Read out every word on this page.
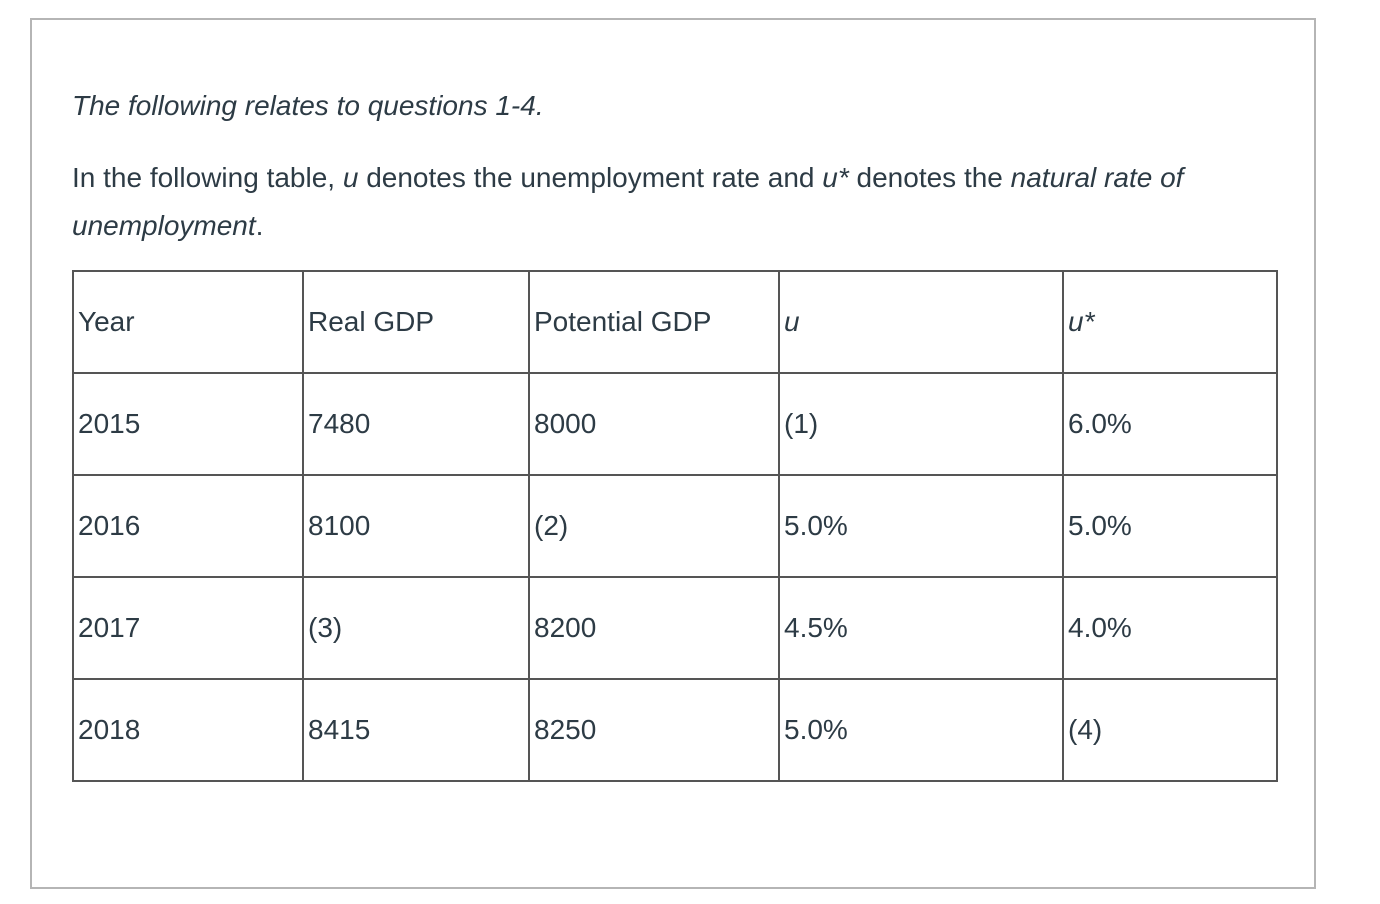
The following relates to questions 1-4.

In the following table, u denotes the unemployment rate and u* denotes the natural rate of unemployment.

Year	Real GDP	Potential GDP	u	u*
2015	7480	8000	(1)	6.0%
2016	8100	(2)	5.0%	5.0%
2017	(3)	8200	4.5%	4.0%
2018	8415	8250	5.0%	(4)
